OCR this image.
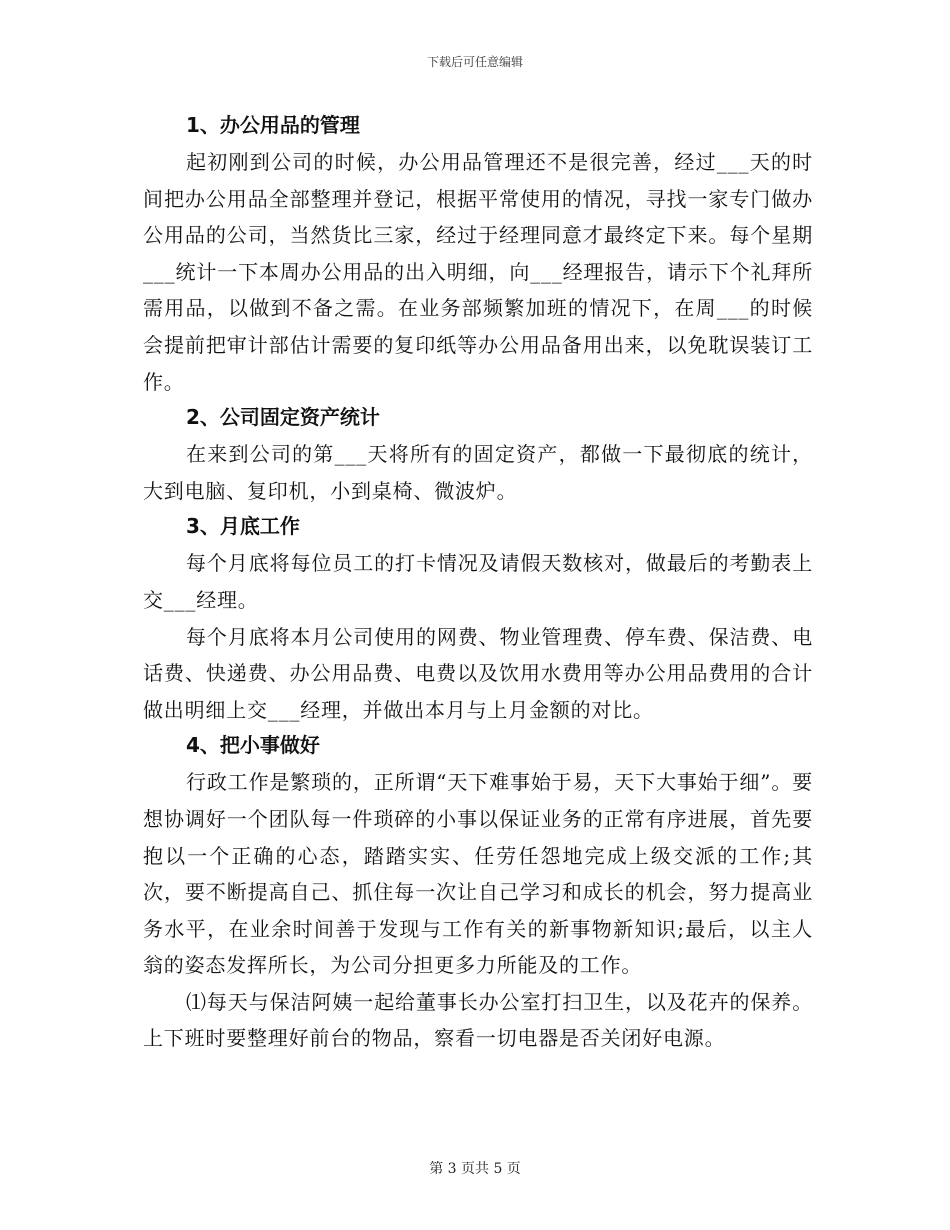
下载后可任意编辑
1、办公用品的管理

起初刚到公司的时候，办公用品管理还不是很完善，经过___天的时间把办公用品全部整理并登记，根据平常使用的情况，寻找一家专门做办公用品的公司，当然货比三家，经过于经理同意才最终定下来。每个星期___统计一下本周办公用品的出入明细，向___经理报告，请示下个礼拜所需用品，以做到不备之需。在业务部频繁加班的情况下，在周___的时候会提前把审计部估计需要的复印纸等办公用品备用出来，以免耽误装订工作。

2、公司固定资产统计

在来到公司的第___天将所有的固定资产，都做一下最彻底的统计，大到电脑、复印机，小到桌椅、微波炉。

3、月底工作

每个月底将每位员工的打卡情况及请假天数核对，做最后的考勤表上交___经理。

每个月底将本月公司使用的网费、物业管理费、停车费、保洁费、电话费、快递费、办公用品费、电费以及饮用水费用等办公用品费用的合计做出明细上交___经理，并做出本月与上月金额的对比。

4、把小事做好

行政工作是繁琐的，正所谓“天下难事始于易，天下大事始于细”。要想协调好一个团队每一件琐碎的小事以保证业务的正常有序进展，首先要抱以一个正确的心态，踏踏实实、任劳任怨地完成上级交派的工作;其次，要不断提高自己、抓住每一次让自己学习和成长的机会，努力提高业务水平，在业余时间善于发现与工作有关的新事物新知识;最后，以主人翁的姿态发挥所长，为公司分担更多力所能及的工作。

⑴每天与保洁阿姨一起给董事长办公室打扫卫生，以及花卉的保养。上下班时要整理好前台的物品，察看一切电器是否关闭好电源。

第 3 页共 5 页
